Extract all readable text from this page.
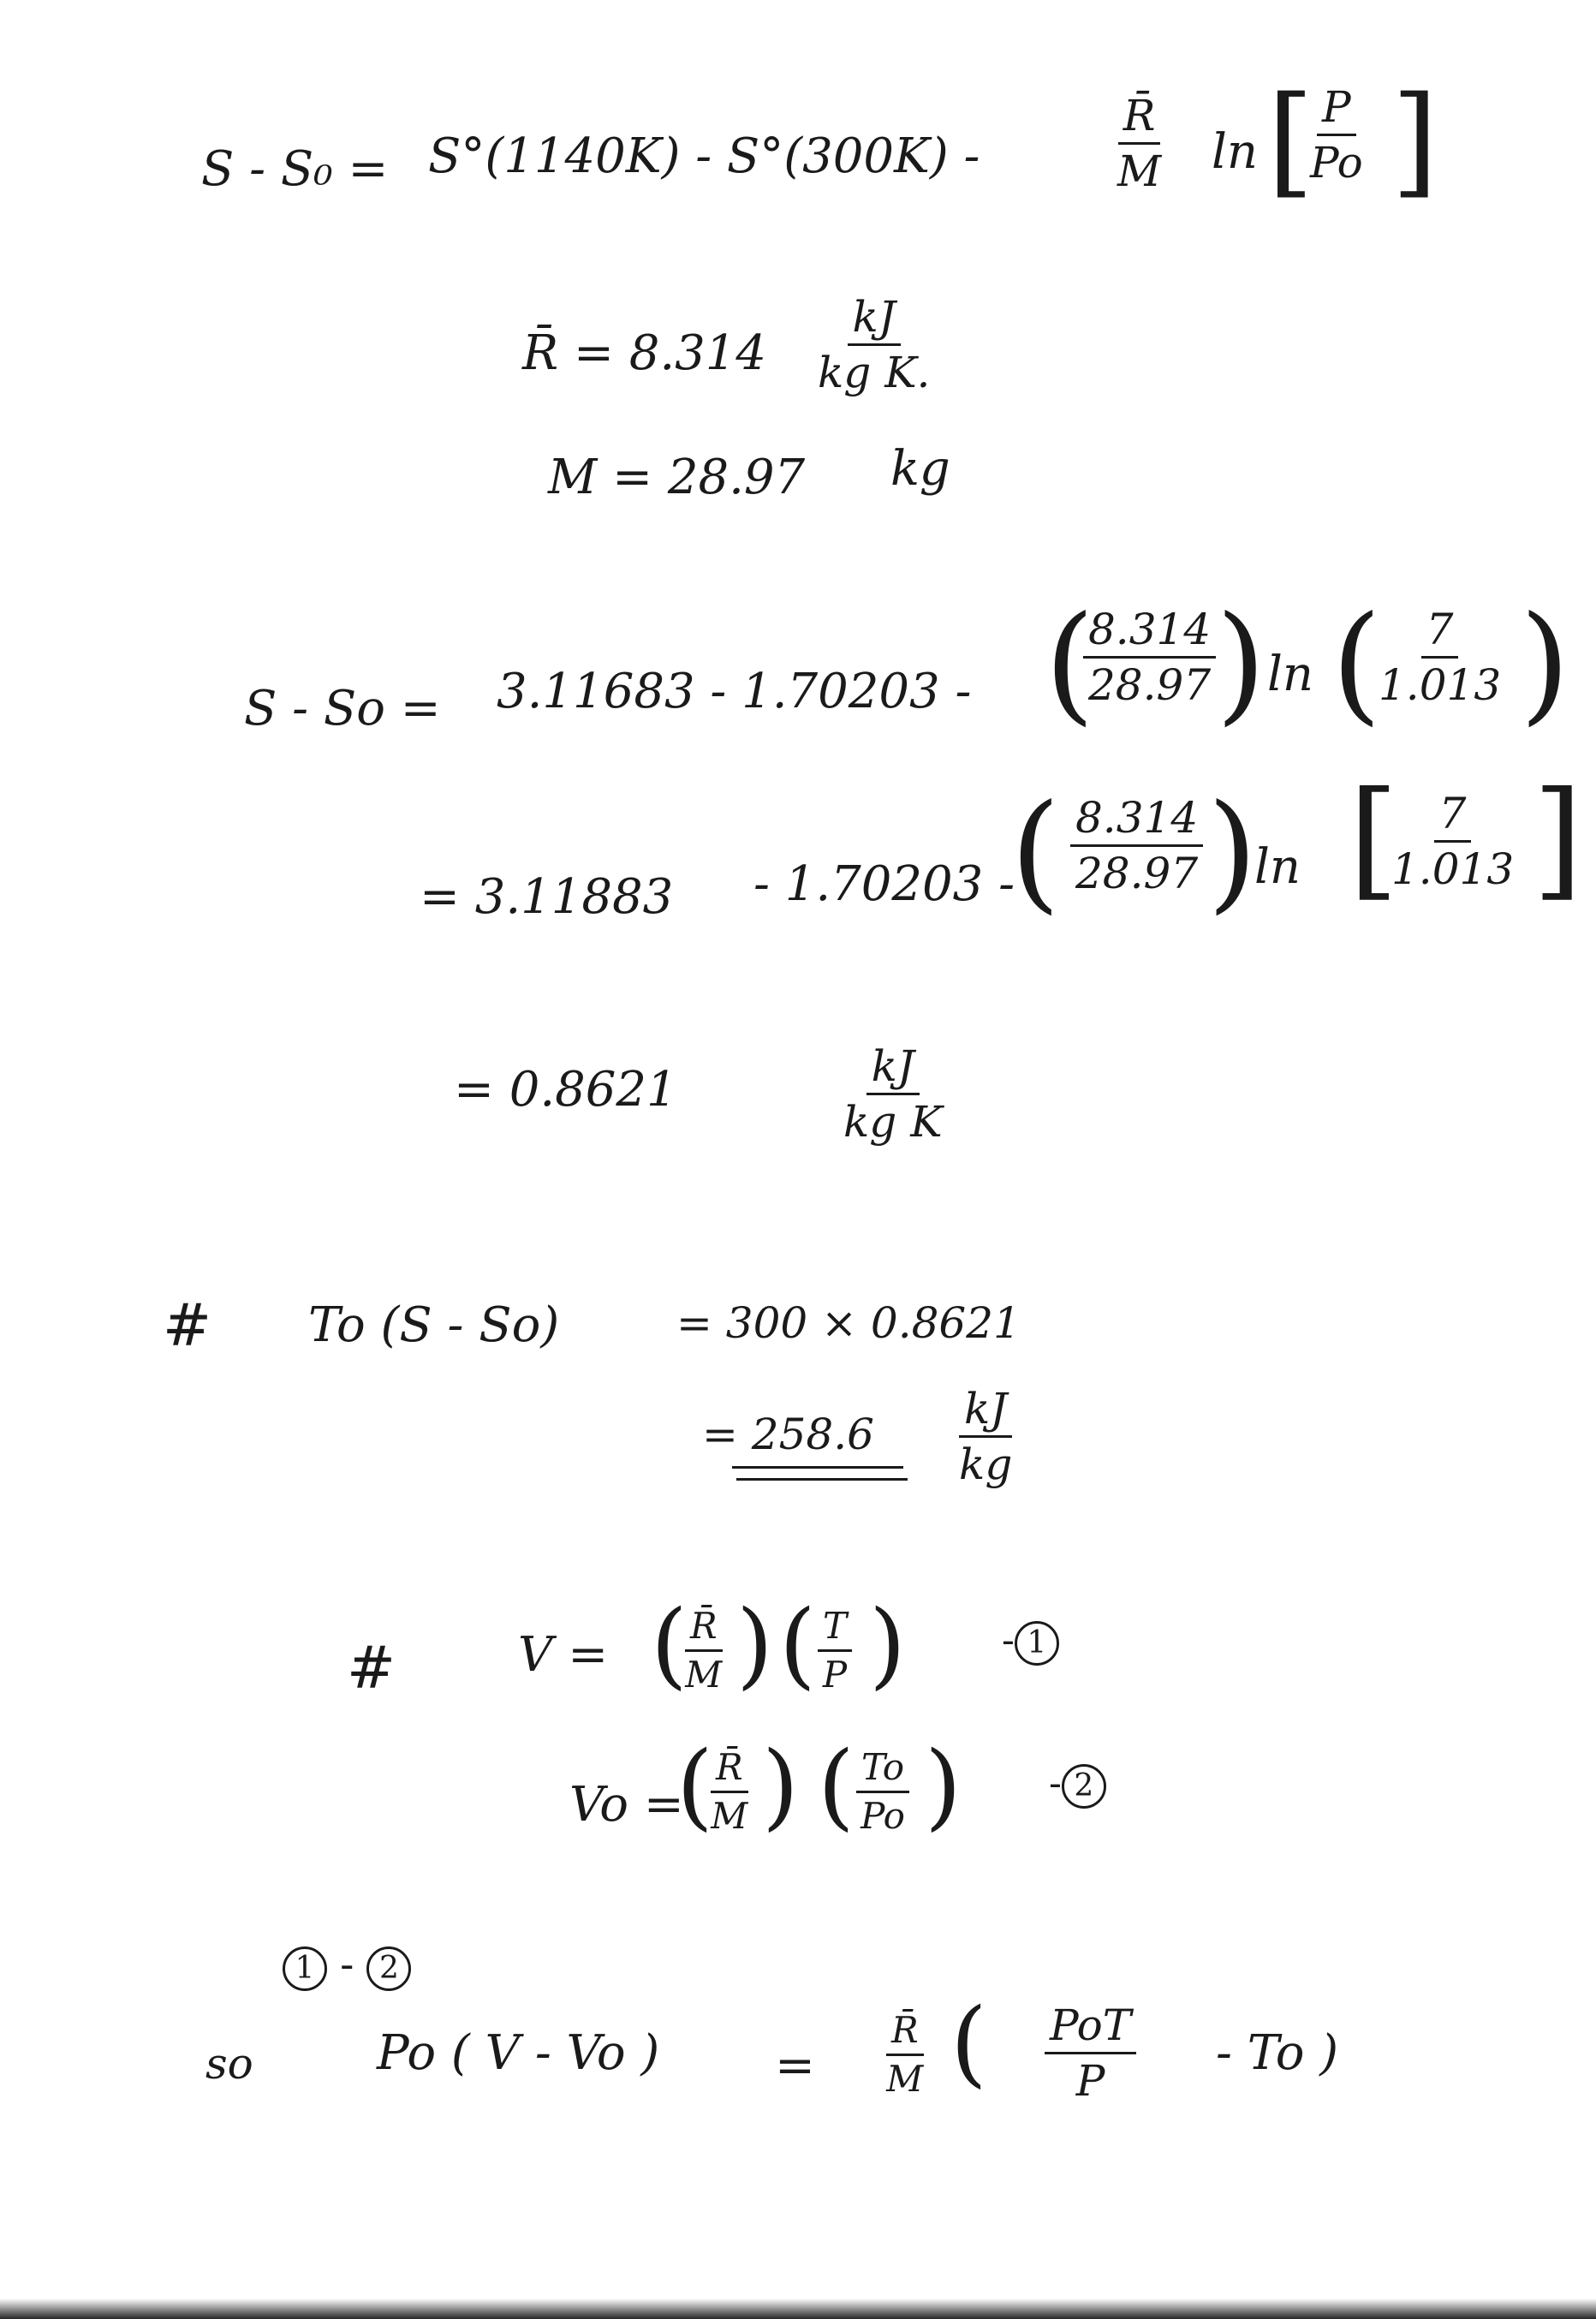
S - S₀ = S°(1140K) - S°(300K) -	$\frac{R̄}{M}$ ln [
$\frac{P}{Po}$ ]
R̄ = $8.314 \frac{kJ}{\text{kg K.}}$
M = 28.97 kg
S - So = 3.11683 - 1.70203 - (
$\frac{8.314}{28.97}$ ) ln (
$\frac{7}{1.013}$ )
= 3.11883 - 1.70203 -
( $\frac{8.314}{28.97}$ )
ln [
$\frac{7}{1.013}$ ]
= 0.8621	$\frac{kJ}{\text{kg K}}$
# To (S - So)	= 300 × 0.8621
= $258.6 \frac{kJ}{kg}$
#	V = (
$\frac{R̄}{M}$ ) ( $\frac{T}{P}$ )	- 1
Vo =
(
$\frac{R̄}{M}$ ) ( $\frac{To}{Po}$ ) - 2
1 - 2
so	Po ( V - Vo ) = $\frac{R̄}{M}$ ( PoT
P - To )
